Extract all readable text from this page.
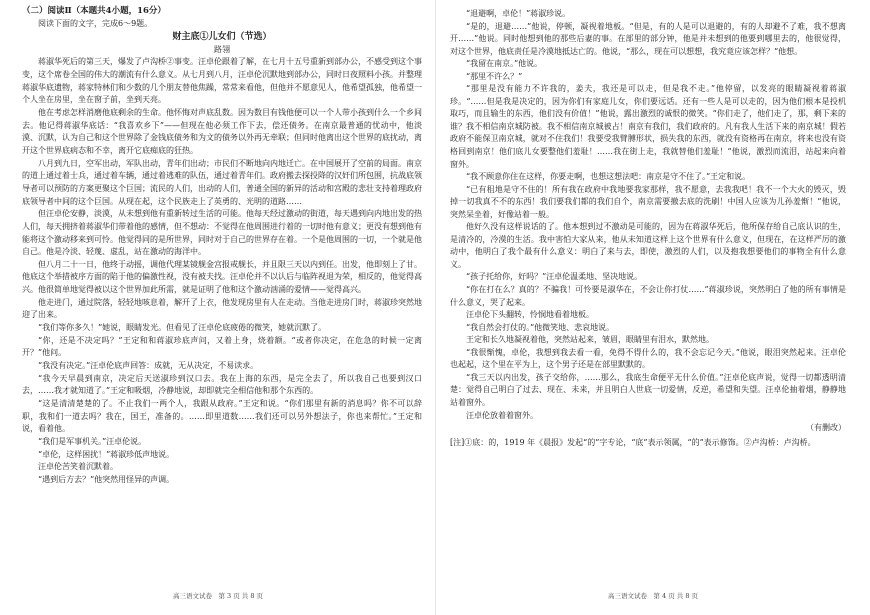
（二）阅读Ⅱ（本题共4小题，16分）

阅读下面的文字，完成6～9题。

财主底①儿女们（节选）

路翎

蒋淑华死后的第三天，爆发了卢沟桥②事变。汪卓伦跟着了解，在七月十五号重新到部办公，不感受到这个事变，这个席卷全国的伟大的潮流有什么意义。从七月到八月，汪卓伦沉默地到部办公，同时日夜照料小孩。并整理蒋淑华底遗物，蒋家特林们和少数的几个朋友替他焦躁，常常来看他，但他并不愿意见人，他希望孤独，他希望一个人坐在房里，坐在窗子前，坐到天亮。

他在考虑怎样消磨他底剩余的生命。他怀悔对声底乱数。因为数目有钱他便可以一个人带小孩到什么一个乡间去。他记得蒋淑华底话：“我喜欢乡下”——但现在他必须工作下去，偿还债务。在南京最普通的忧动中，他淡漠、沉默，认为自己和这个世界除了金钱底债务和为文的债务以外再无牵联；但同时他离出这个世界的底扰动，离开这个世界底病态和不幸，离开它底痴底的狂热。

八月到九日，空军出动，军队出动，青年们出动；市民们不断地向内地迁亡。在中国展开了空前的局面。南京的道上通过着士兵，通过着车辆，通过着逃难的队伍，通过着青年们。政府搬去探投降的汉奸们所包围，抗战底领导者可以预防的方案更聚这个巨国；流民的人们，出动的人们，普通全国的新异的活动和宫殿的悲壮支持着理政府底领导者中间的这个巨国。从现在起，这个民族走上了英勇的、光明的道路……

但汪卓伦安静，淡漠，从未想到他有重新转过生活的可能。他每天经过激动的街道，每天遇到向内地出发的热人们，每天拥挤着蒋淑华们带着他的感情，但不想动：不觉得在他周围进行着的一切时他有意义；更没有想到他有能将这个激动移来到可怜。他觉得同的是所世界，同时对于自己的世界存在着。一个是他周围的一切，一个就是他自己。他是冷淡、轻蔑、虚乱，站在激动的海洋中。

但八月二十一日，他终于动摇，调他代理某镜舰金宫报戒舰长，并且限三天以内到任。出发，他即刻上了甘。他底这个举措被序方面的陷于他的偏激性视，没有被夫找。汪卓伦并不以认后与临阵视退为荣，相反的，他觉得高兴。他很简单地觉得被以这个世界加此所需，就是证明了他和这个激动汹涌的爱情——觉得高兴。

他走进门，通过院落，轻轻地咳息着，解开了上衣，他发现房里有人在走动。当他走进房门时，蒋淑珍突然地迎了出来。

“我们等你多久！”她说，眼睛发光。但看见了汪卓伦底疲倦的微笑，她就沉默了。

“你，还是不决定吗？”王定和和蒋淑珍底声问，又着上身，烧着额。“或者你决定，在危急的时候一定离开？”他问。

“我没有决定。”汪卓伦底声回答：成就，无从决定，不易读求。

“我今天早晨到南京，决定后天送淑珍到汉口去。我在上海的东西，是完全去了，所以我自己也要到汉口去，……我才就知道了。”王定和吸烟，冷静地说，却即就完全相信他和那个东西的。

“这是清清楚楚的了。不止我们一两个人，我跟从政府。”王定和说。“你们那里有新的消息吗？你不可以辞职，我和们一道去吗？我在，国王，准备的。……即里道数……我们还可以另外想法子，你也来帮忙。”王定和说，看着他。

“我们是军事机关。”汪卓伦说。

“卓伦，这样困扰！”蒋淑珍低声地说。

汪卓伦苦笑着沉默着。

“遇到后方去？”他突然用怪异的声调。

高三语文试卷　第 3 页 共 8 页

“退避啊，卓伦！”蒋淑珍说。

“是的，退避……”他说，停顿，凝视着地板。“但是，有的人是可以退避的，有的人却避不了难，我不想离开……”他说。同时他想到他的那些后妻的事。在部里的部分钟，他是并未想到的他要到哪里去的，他很觉得，对这个世界，他底责任是冷漠地抵达亡的。他说，“那么，现在可以想想，我究竟应该怎样？”他想。

“我留在南京。”他说。

“那里不许么？”

“那里是没有能力不许我的，姜夫，我还是可以走，但是我不走。”他停留，以发亮的眼睛凝视着蒋淑珍。“……但是我是决定的，因为你们有家庭儿女，你们要远话。还有一些人是可以走的，因为他们根本是投机取巧，而且输生的东西，他们没有价值！”他说，露出激烈的诚恨的微笑。“你们走了，他们走了，那，剩下来的谁？我不相信南京城防被。我不相信南京城被占！南京有我们，我们政府的。凡有我人生活下来的南京城！假若政府不能保卫南京城，就对不住我们！我要受我臂膊形状，损失我的东西，就没有资格再在南京，将来也没有资格回到南京！他们底儿女要整他们羞耻！……我在街上走，我就替他们羞耻！”他说，激烈而流泪，站起来向着窗外。

“我不顾意你住在这样，你要走啊，也想这想法吧：南京是守不住了。”王定和说。

“已有租地是守不住的！所有我在政府中我地要我家那样，我不愿意，去我我吧！我不一个大火的毁灭，毁掉一切我真不不的东西！我们要我们都的我们自个，南京需要撤去底的洗刷！中国人应该为儿孙羞惭！”他说，突然呆坐着，好像站着一般。

他好久没有这样说话的了。他本想到过不激动是可能的，因为在蒋淑华死后，他所保存给自己底认识的生，是清冷的，冷漠的生活。我中害怕大家从来，他从未知道这样上这个世界有什么意义，但现在，在这样严厉的激动中，他明白了我个最有什么意义：明白了来与去，即使，激烈的人们，以及抱我想要他们的事物全有什么意义。

“孩子托给你，好吗？”汪卓伦温柔地、坚决地说。

“你在打在么？真的？不骗我！可怜要是淑华在，不会让你打仗……”蒋淑珍说，突然明白了他的所有事情是什么意义，哭了起来。

汪卓伦下头翻转，怜悯地看着地板。

“我自然会打仗的。”他微笑地、悲哀地说。

王定和长久地凝视着他，突然站起来，皱眉，眼睛里有泪水，默然地。

“我很惭愧，卓伦，我想到我去看一看，免得不得什么的，我不会忘记今天。”他说，眼泪突然起来。汪卓伦也起起，这个里在平为上，这个男子还是在部里默默的。

“我三天以内出发，孩子交给你，……那么，我底生命便平无什么价值。”汪卓伦底声说，觉得一切都透明清楚：觉得自己明白了过去、现在、未来，并且明白人世底一切爱情，反逆，希望和失望。汪卓伦抽着烟，静静地站着窗外。

汪卓伦放着着窗外。

（有删改）

[注]①底：的，1919 年《晨报》发起“的”字专论，“底”表示领属，“的”表示修饰。②卢沟桥：卢沟桥。

高三语文试卷　第 4 页 共 8 页
